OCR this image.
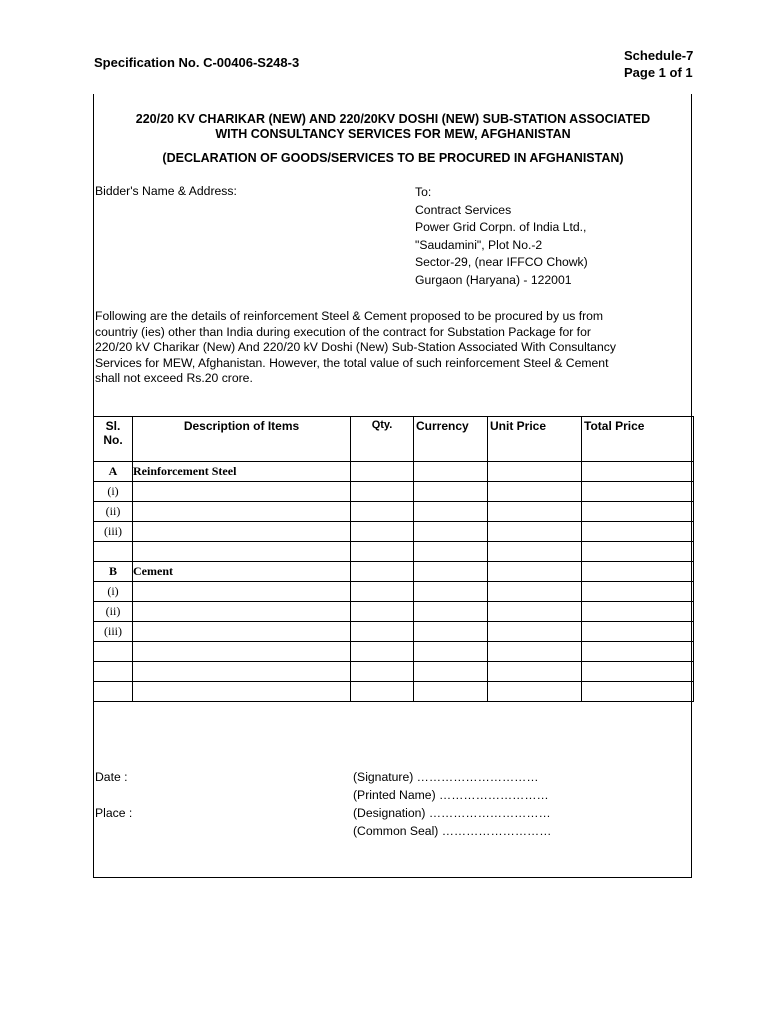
Specification No. C-00406-S248-3	Schedule-7
Page 1 of 1
220/20 KV CHARIKAR (NEW) AND 220/20KV DOSHI (NEW) SUB-STATION ASSOCIATED
WITH CONSULTANCY SERVICES FOR MEW, AFGHANISTAN
(DECLARATION OF GOODS/SERVICES TO BE PROCURED IN AFGHANISTAN)
Bidder's Name & Address:	To:
Contract Services
Power Grid Corpn. of India Ltd.,
"Saudamini", Plot No.-2
Sector-29, (near IFFCO Chowk)
Gurgaon (Haryana) - 122001
Following are the details of reinforcement Steel & Cement proposed to be procured by us from
countriy (ies) other than India during execution of the contract for Substation Package for for
220/20 kV Charikar (New) And 220/20 kV Doshi (New) Sub-Station Associated With Consultancy
Services for MEW, Afghanistan. However, the total value of such reinforcement Steel & Cement
shall not exceed Rs.20 crore.
Sl.
No.	Description of Items	Qty.	Currency	Unit Price	Total Price
A	Reinforcement Steel				
(i)					
(ii)					
(iii)					

B	Cement				
(i)					
(ii)					
(iii)					

Date :
Place :
(Signature) …………………………
(Printed Name) ………………………
(Designation) …………………………
(Common Seal) ………………………
